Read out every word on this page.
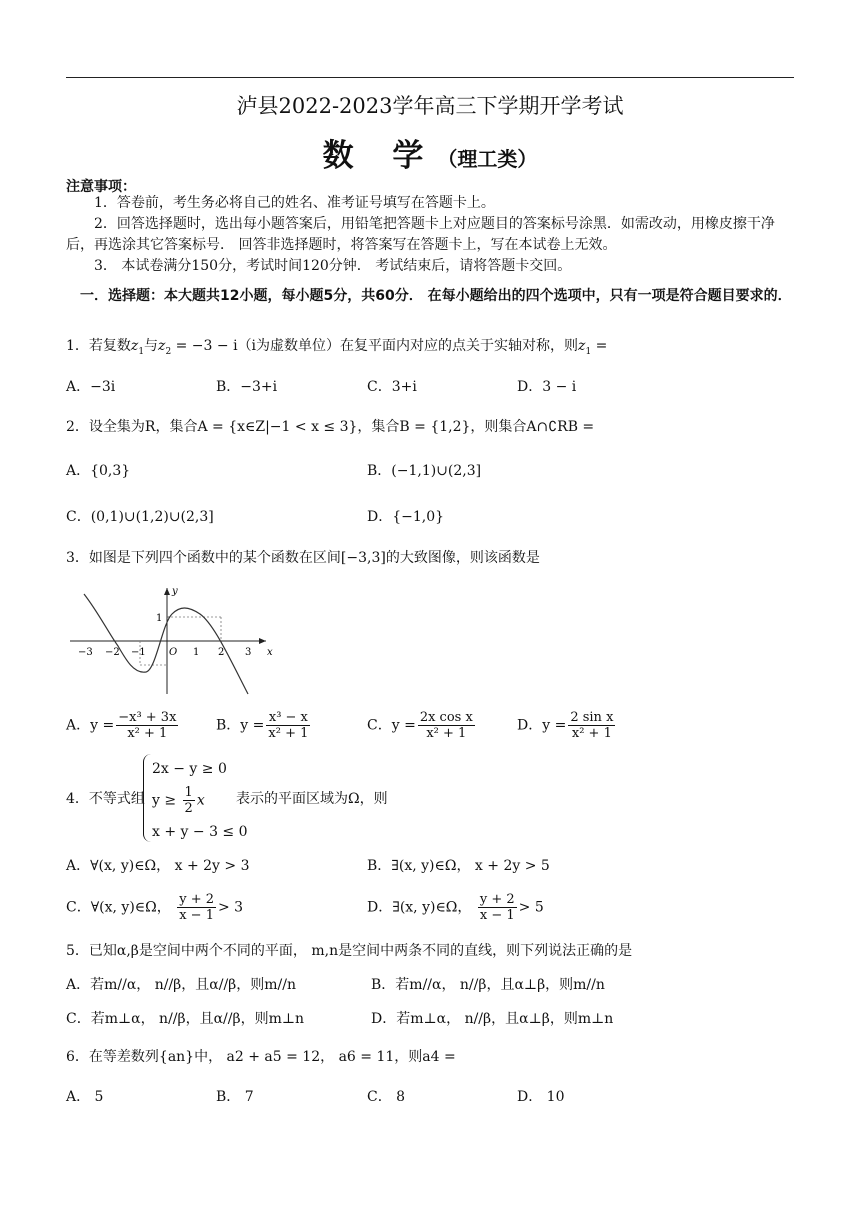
泸县2022-2023学年高三下学期开学考试
数 学（理工类）
注意事项：
1．答卷前，考生务必将自己的姓名、准考证号填写在答题卡上。
2．回答选择题时，选出每小题答案后，用铅笔把答题卡上对应题目的答案标号涂黑．如需改动，用橡皮擦干净后，再选涂其它答案标号． 回答非选择题时，将答案写在答题卡上，写在本试卷上无效。
3． 本试卷满分150分，考试时间120分钟． 考试结束后，请将答题卡交回。
一．选择题：本大题共12小题，每小题5分，共60分． 在每小题给出的四个选项中，只有一项是符合题目要求的．
1．若复数$z_1$与$z_2 = -3 - i(i$为虚数单位）在复平面内对应的点关于实轴对称，则$z_1$ =
A．−3i	B．−3+i	C．3+i	D．3 − i
2．设全集为R，集合A = {x∈Z|−1 < x ≤ 3}，集合B = {1,2}，则集合A∩∁RB =
A．{0,3}	B．(−1,1)∪(2,3]
C．(0,1)∪(1,2)∪(2,3]	D．{−1,0}
3．如图是下列四个函数中的某个函数在区间[−3,3]的大致图像，则该函数是
−3 −2 −1 O 1 2 3 x
1
y
A．$y = \frac{\text{−x³ + 3x}}{\text{x² + 1}}$	B．$y = \frac{\text{x³ − x}}{\text{x² + 1}}$	C．$y = \frac{\text{2x cos x}}{\text{x² + 1}}$	D．$y = \frac{\text{2 sin x}}{\text{x² + 1}}$
4．不等式组
2x − y ≥ 0
$y \ge \frac{1}{2}$ x
x + y − 3 ≤ 0
表示的平面区域为Ω，则
A．∀(x, y)∈Ω， x + 2y > 3	B．∃(x, y)∈Ω， x + 2y > 5
C．∀(x, y)∈Ω， $\frac{y + 2}{x - 1} > 3$	D．∃(x, y)∈Ω， $\frac{y + 2}{x - 1} > 5$
5．已知α,β是空间中两个不同的平面， m,n是空间中两条不同的直线，则下列说法正确的是
A．若m//α， n//β，且α//β，则m//n	B．若m//α， n//β，且α⊥β，则m//n
C．若m⊥α， n//β，且α//β，则m⊥n	D．若m⊥α， n//β，且α⊥β，则m⊥n
6．在等差数列{an}中， a2 + a5 = 12， a6 = 11，则a4 =
A． 5	B． 7	C． 8	D． 10
